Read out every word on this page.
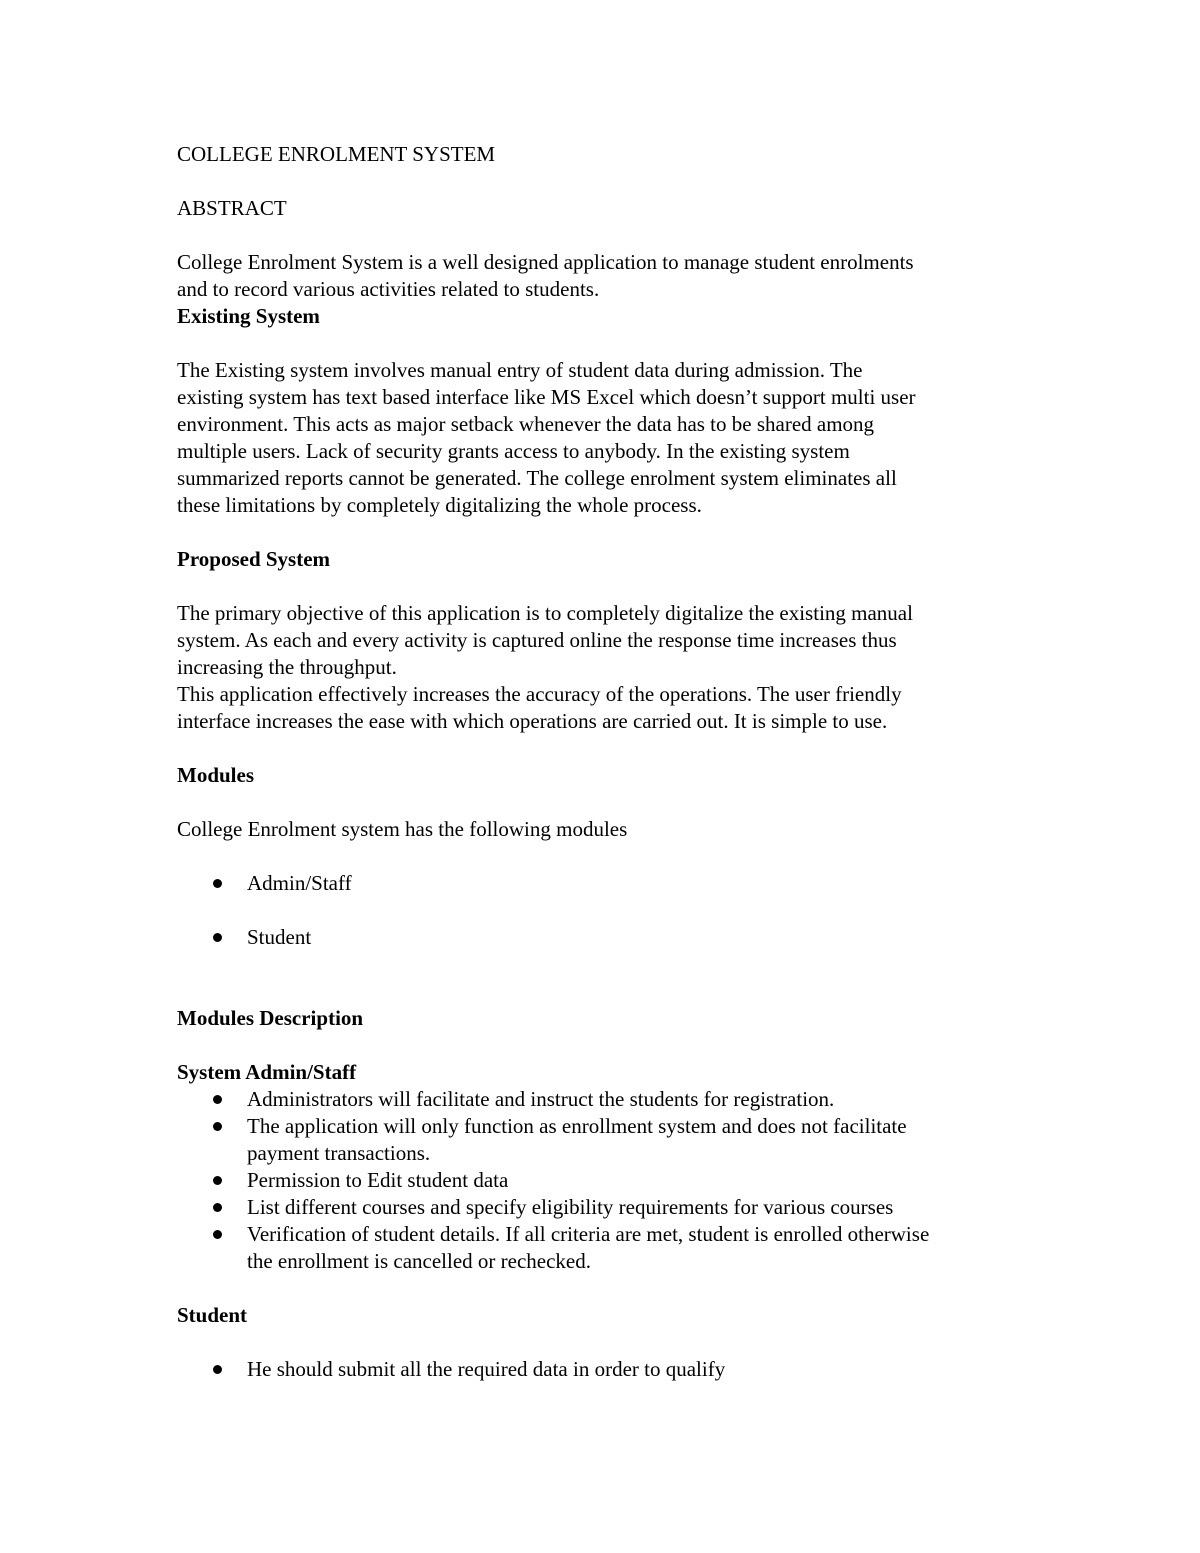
COLLEGE ENROLMENT SYSTEM
ABSTRACT
College Enrolment System is a well designed application to manage student enrolments
and to record various activities related to students.
Existing System
The Existing system involves manual entry of student data during admission. The
existing system has text based interface like MS Excel which doesn’t support multi user
environment. This acts as major setback whenever the data has to be shared among
multiple users. Lack of security grants access to anybody. In the existing system
summarized reports cannot be generated. The college enrolment system eliminates all
these limitations by completely digitalizing the whole process.
Proposed System
The primary objective of this application is to completely digitalize the existing manual
system. As each and every activity is captured online the response time increases thus
increasing the throughput.
This application effectively increases the accuracy of the operations. The user friendly
interface increases the ease with which operations are carried out. It is simple to use.
Modules
College Enrolment system has the following modules
Admin/Staff
Student
Modules Description
System Admin/Staff
Administrators will facilitate and instruct the students for registration.
The application will only function as enrollment system and does not facilitate
payment transactions.
Permission to Edit student data
List different courses and specify eligibility requirements for various courses
Verification of student details. If all criteria are met, student is enrolled otherwise
the enrollment is cancelled or rechecked.
Student
He should submit all the required data in order to qualify
